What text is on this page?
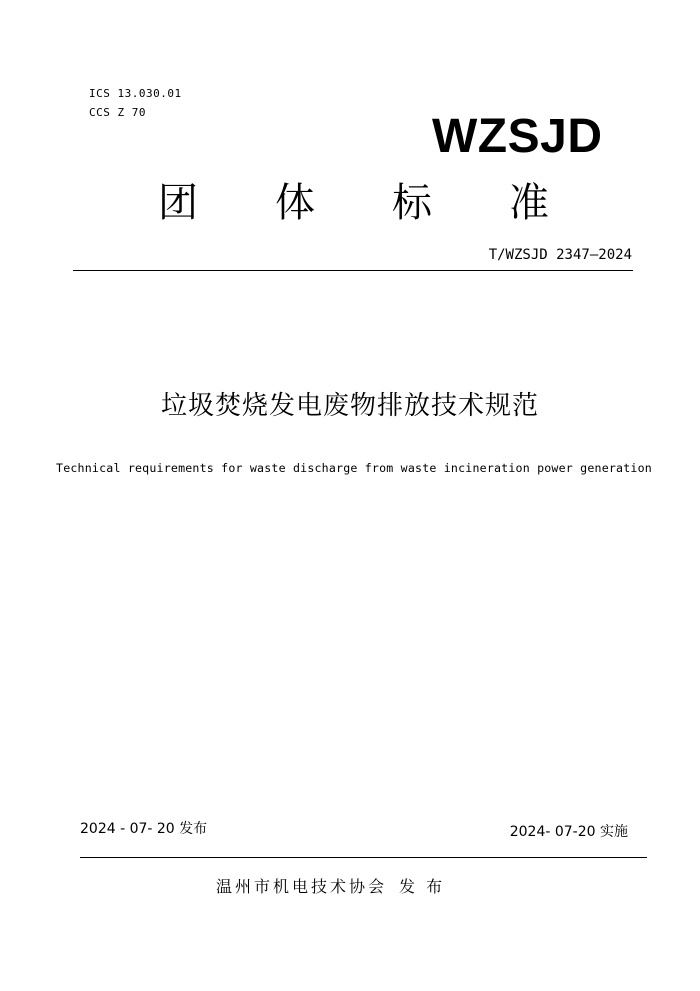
ICS 13.030.01
CCS Z 70	WZSJD
团 体 标 准
T/WZSJD 2347—2024
垃圾焚烧发电废物排放技术规范
Technical requirements for waste discharge from waste incineration power generation
2024 - 07- 20 发布	2024- 07-20 实施
温州市机电技术协会 发 布
